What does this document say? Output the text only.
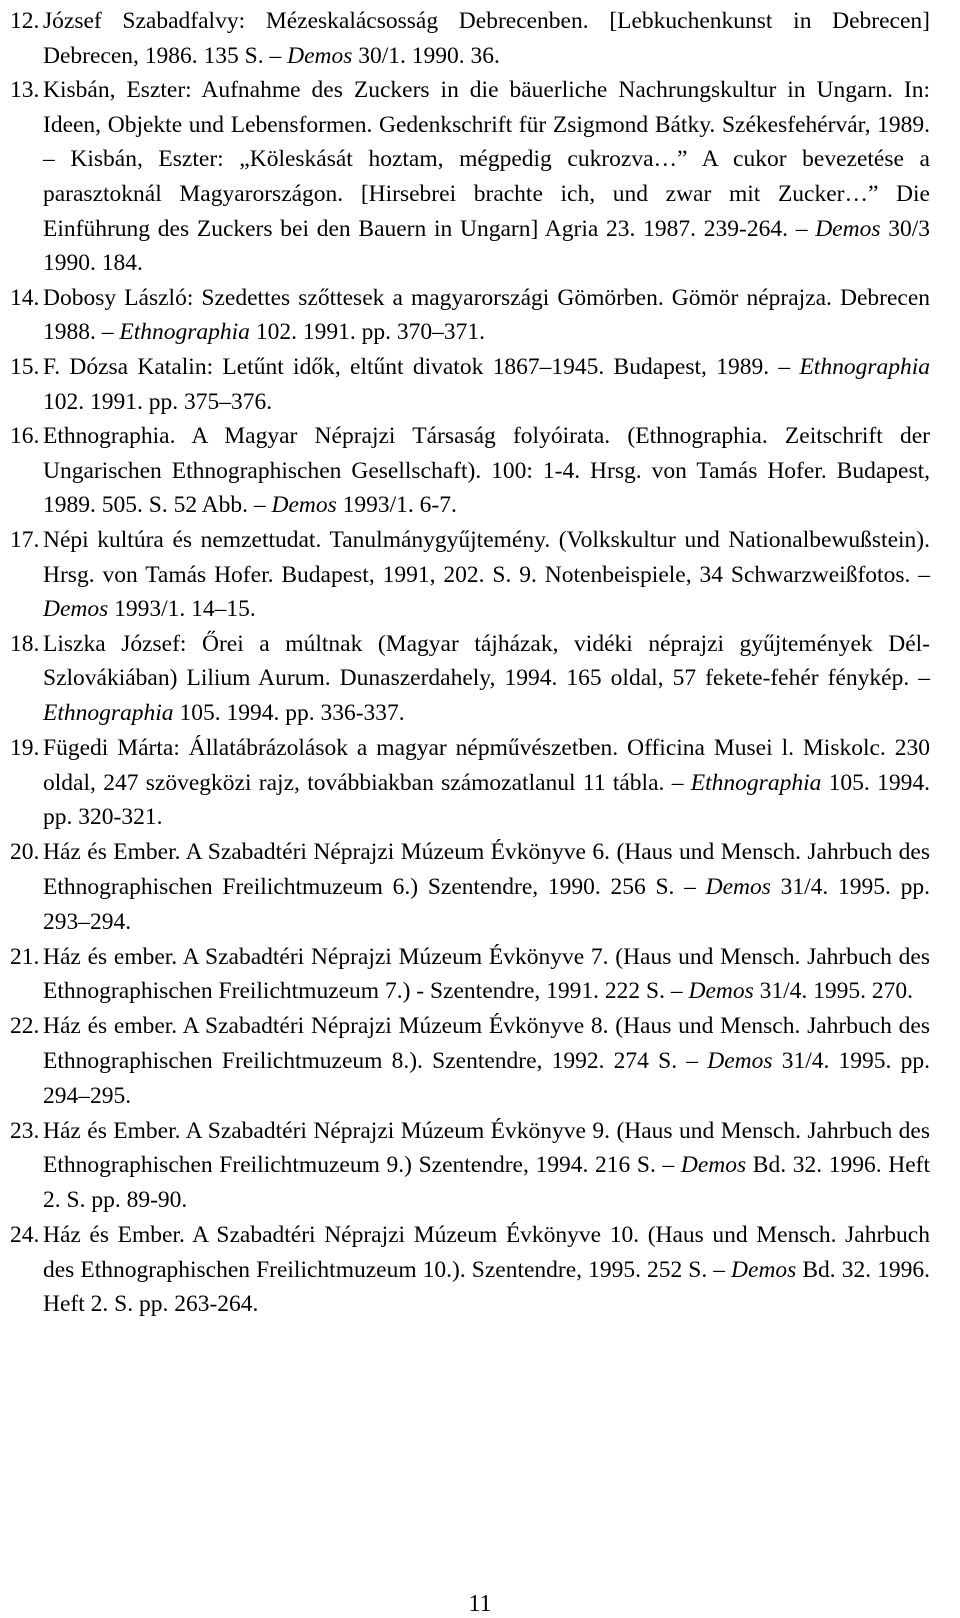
12. József Szabadfalvy: Mézeskalácsosság Debrecenben. [Lebkuchenkunst in Debrecen] Debrecen, 1986. 135 S. – Demos 30/1. 1990. 36.
13. Kisbán, Eszter: Aufnahme des Zuckers in die bäuerliche Nachrungskultur in Ungarn. In: Ideen, Objekte und Lebensformen. Gedenkschrift für Zsigmond Bátky. Székesfehérvár, 1989. – Kisbán, Eszter: „Köleskását hoztam, mégpedig cukrozva…” A cukor bevezetése a parasztoknál Magyarországon. [Hirsebrei brachte ich, und zwar mit Zucker…” Die Einführung des Zuckers bei den Bauern in Ungarn] Agria 23. 1987. 239-264. – Demos 30/3 1990. 184.
14. Dobosy László: Szedettes szőttesek a magyarországi Gömörben. Gömör néprajza. Debrecen 1988. – Ethnographia 102. 1991. pp. 370–371.
15. F. Dózsa Katalin: Letűnt idők, eltűnt divatok 1867–1945. Budapest, 1989. – Ethnographia 102. 1991. pp. 375–376.
16. Ethnographia. A Magyar Néprajzi Társaság folyóirata. (Ethnographia. Zeitschrift der Ungarischen Ethnographischen Gesellschaft). 100: 1-4. Hrsg. von Tamás Hofer. Budapest, 1989. 505. S. 52 Abb. – Demos 1993/1. 6-7.
17. Népi kultúra és nemzettudat. Tanulmánygyűjtemény. (Volkskultur und Nationalbewußstein). Hrsg. von Tamás Hofer. Budapest, 1991, 202. S. 9. Notenbeispiele, 34 Schwarzweißfotos. – Demos 1993/1. 14–15.
18. Liszka József: Őrei a múltnak (Magyar tájházak, vidéki néprajzi gyűjtemények Dél-Szlovákiában) Lilium Aurum. Dunaszerdahely, 1994. 165 oldal, 57 fekete-fehér fénykép. – Ethnographia 105. 1994. pp. 336-337.
19. Fügedi Márta: Állatábrázolások a magyar népművészetben. Officina Musei l. Miskolc. 230 oldal, 247 szövegközi rajz, továbbiakban számozatlanul 11 tábla. – Ethnographia 105. 1994. pp. 320-321.
20. Ház és Ember. A Szabadtéri Néprajzi Múzeum Évkönyve 6. (Haus und Mensch. Jahrbuch des Ethnographischen Freilichtmuzeum 6.) Szentendre, 1990. 256 S. – Demos 31/4. 1995. pp. 293–294.
21. Ház és ember. A Szabadtéri Néprajzi Múzeum Évkönyve 7. (Haus und Mensch. Jahrbuch des Ethnographischen Freilichtmuzeum 7.) - Szentendre, 1991. 222 S. – Demos 31/4. 1995. 270.
22. Ház és ember. A Szabadtéri Néprajzi Múzeum Évkönyve 8. (Haus und Mensch. Jahrbuch des Ethnographischen Freilichtmuzeum 8.). Szentendre, 1992. 274 S. – Demos 31/4. 1995. pp. 294–295.
23. Ház és Ember. A Szabadtéri Néprajzi Múzeum Évkönyve 9. (Haus und Mensch. Jahrbuch des Ethnographischen Freilichtmuzeum 9.) Szentendre, 1994. 216 S. – Demos Bd. 32. 1996. Heft 2. S. pp. 89-90.
24. Ház és Ember. A Szabadtéri Néprajzi Múzeum Évkönyve 10. (Haus und Mensch. Jahrbuch des Ethnographischen Freilichtmuzeum 10.). Szentendre, 1995. 252 S. – Demos Bd. 32. 1996. Heft 2. S. pp. 263-264.
11
